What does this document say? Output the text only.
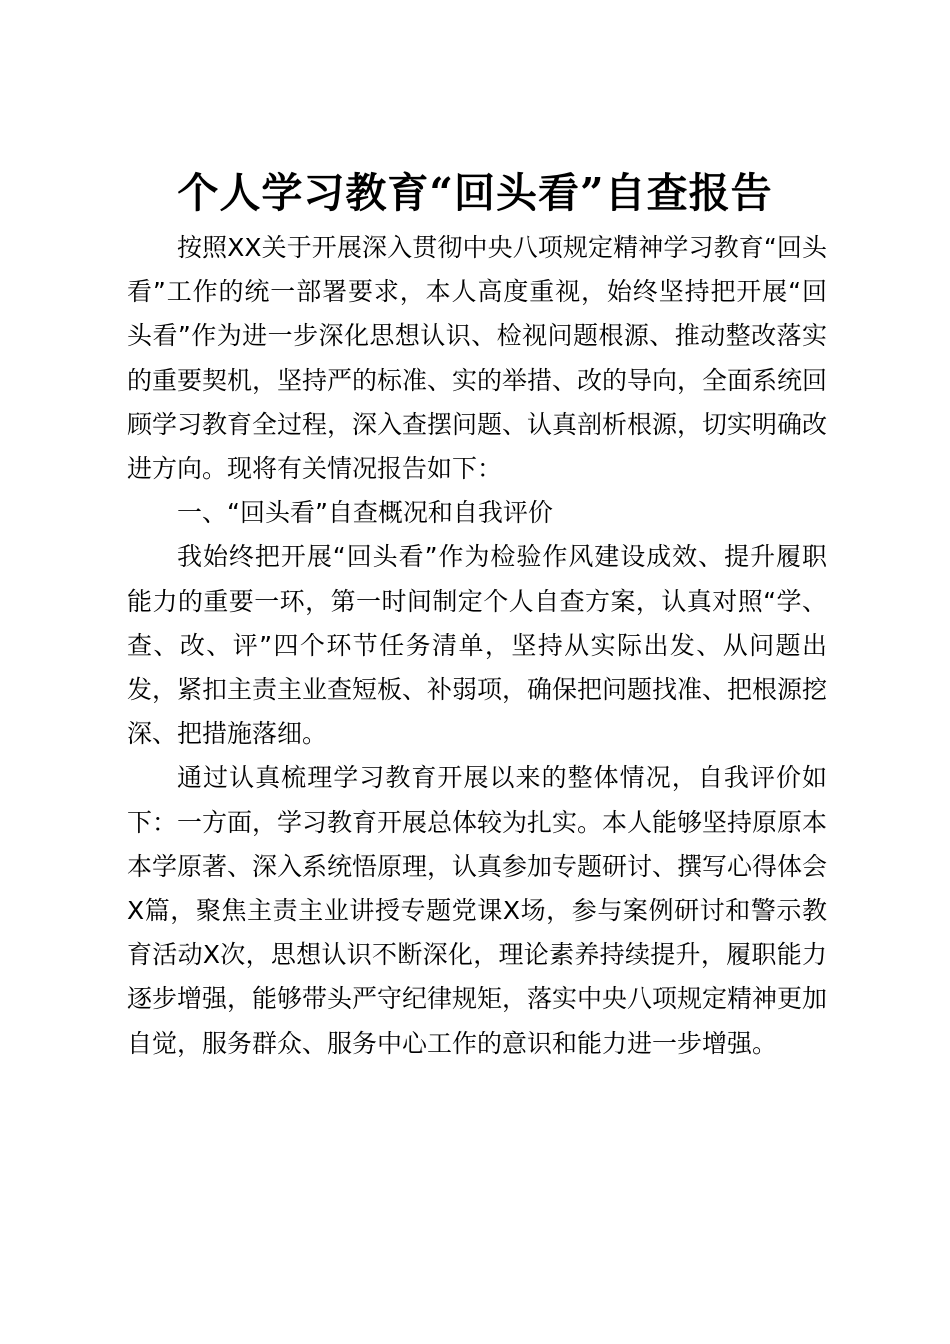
个人学习教育“回头看”自查报告

按照XX关于开展深入贯彻中央八项规定精神学习教育“回头看”工作的统一部署要求，本人高度重视，始终坚持把开展“回头看”作为进一步深化思想认识、检视问题根源、推动整改落实的重要契机，坚持严的标准、实的举措、改的导向，全面系统回顾学习教育全过程，深入查摆问题、认真剖析根源，切实明确改进方向。现将有关情况报告如下：

一、“回头看”自查概况和自我评价

我始终把开展“回头看”作为检验作风建设成效、提升履职能力的重要一环，第一时间制定个人自查方案，认真对照“学、查、改、评”四个环节任务清单，坚持从实际出发、从问题出发，紧扣主责主业查短板、补弱项，确保把问题找准、把根源挖深、把措施落细。

通过认真梳理学习教育开展以来的整体情况，自我评价如下：一方面，学习教育开展总体较为扎实。本人能够坚持原原本本学原著、深入系统悟原理，认真参加专题研讨、撰写心得体会X篇，聚焦主责主业讲授专题党课X场，参与案例研讨和警示教育活动X次，思想认识不断深化，理论素养持续提升，履职能力逐步增强，能够带头严守纪律规矩，落实中央八项规定精神更加自觉，服务群众、服务中心工作的意识和能力进一步增强。
